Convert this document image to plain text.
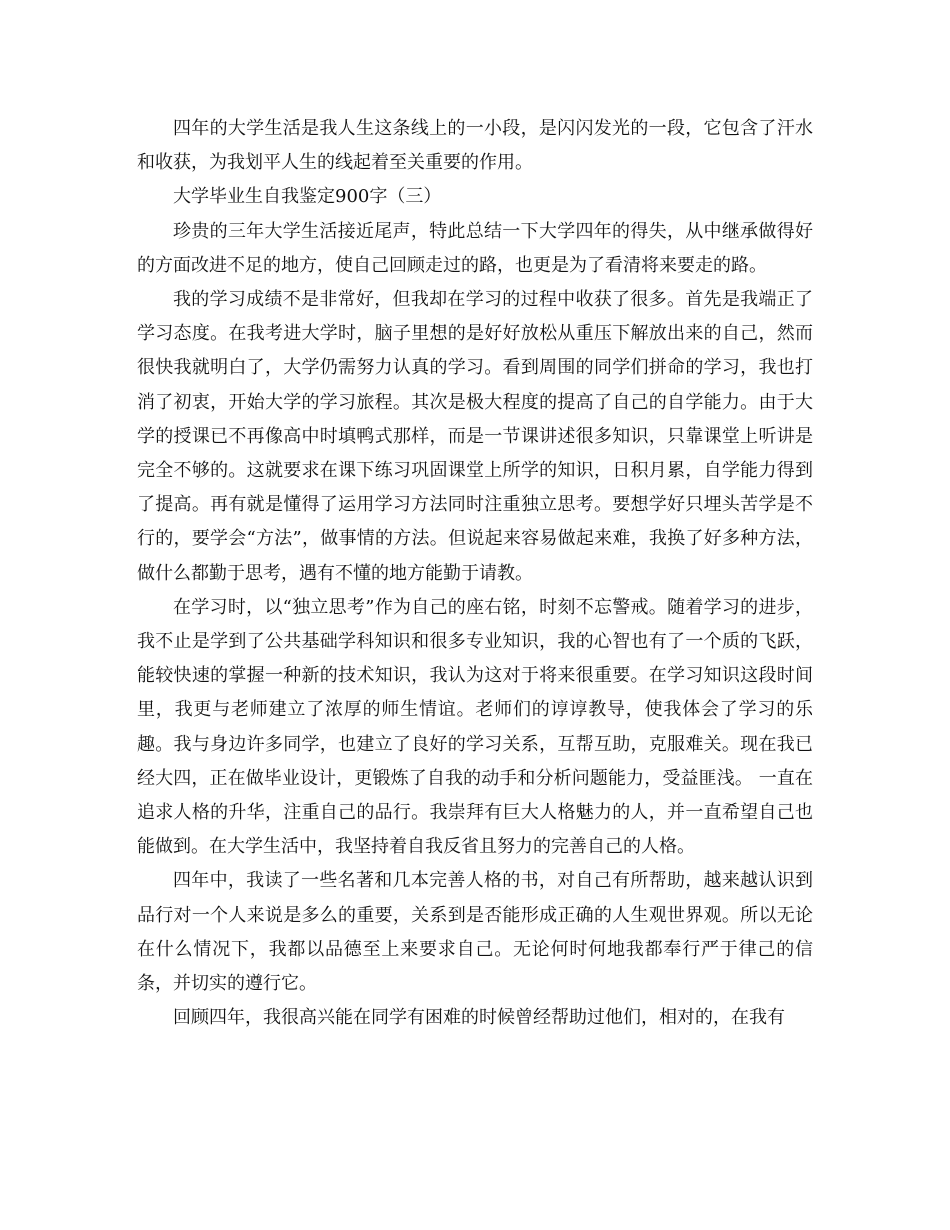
四年的大学生活是我人生这条线上的一小段，是闪闪发光的一段，它包含了汗水和收获，为我划平人生的线起着至关重要的作用。

大学毕业生自我鉴定900字（三）

珍贵的三年大学生活接近尾声，特此总结一下大学四年的得失，从中继承做得好的方面改进不足的地方，使自己回顾走过的路，也更是为了看清将来要走的路。

我的学习成绩不是非常好，但我却在学习的过程中收获了很多。首先是我端正了学习态度。在我考进大学时，脑子里想的是好好放松从重压下解放出来的自己，然而很快我就明白了，大学仍需努力认真的学习。看到周围的同学们拼命的学习，我也打消了初衷，开始大学的学习旅程。其次是极大程度的提高了自己的自学能力。由于大学的授课已不再像高中时填鸭式那样，而是一节课讲述很多知识，只靠课堂上听讲是完全不够的。这就要求在课下练习巩固课堂上所学的知识，日积月累，自学能力得到了提高。再有就是懂得了运用学习方法同时注重独立思考。要想学好只埋头苦学是不行的，要学会“方法”，做事情的方法。但说起来容易做起来难，我换了好多种方法，做什么都勤于思考，遇有不懂的地方能勤于请教。

在学习时，以“独立思考”作为自己的座右铭，时刻不忘警戒。随着学习的进步，我不止是学到了公共基础学科知识和很多专业知识，我的心智也有了一个质的飞跃，能较快速的掌握一种新的技术知识，我认为这对于将来很重要。在学习知识这段时间里，我更与老师建立了浓厚的师生情谊。老师们的谆谆教导，使我体会了学习的乐趣。我与身边许多同学，也建立了良好的学习关系，互帮互助，克服难关。现在我已经大四，正在做毕业设计，更锻炼了自我的动手和分析问题能力，受益匪浅。 一直在追求人格的升华，注重自己的品行。我崇拜有巨大人格魅力的人，并一直希望自己也能做到。在大学生活中，我坚持着自我反省且努力的完善自己的人格。

四年中，我读了一些名著和几本完善人格的书，对自己有所帮助，越来越认识到品行对一个人来说是多么的重要，关系到是否能形成正确的人生观世界观。所以无论在什么情况下，我都以品德至上来要求自己。无论何时何地我都奉行严于律己的信条，并切实的遵行它。

回顾四年，我很高兴能在同学有困难的时候曾经帮助过他们，相对的，在我有
